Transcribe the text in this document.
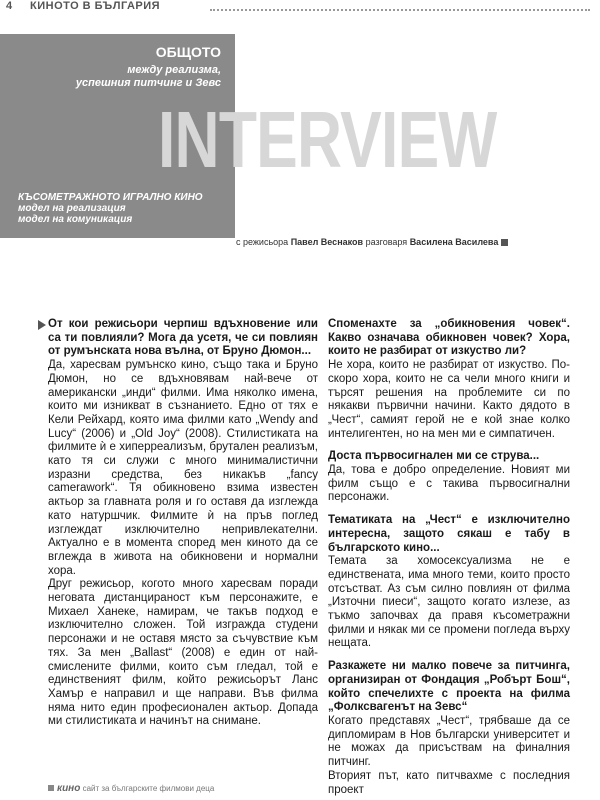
4 КИНОТО В БЪЛГАРИЯ
ОБЩОТО
между реализма,
успешния питчинг и Зевс
INTERVIEW
КЪСОМЕТРАЖНОТО ИГРАЛНО КИНО
модел на реализация
модел на комуникация
с режисьора Павел Веснаков разговаря Василена Василева

От кои режисьори черпиш вдъхновение или са ти повлияли? Мога да усетя, че си повлиян от румънската нова вълна, от Бруно Дюмон...

Да, харесвам румънско кино, също така и Бруно Дюмон, но се вдъхновявам най-вече от американски „инди“ филми. Има няколко имена, които ми изникват в съзнанието. Едно от тях е Кели Рейхард, която има филми като „Wendy and Lucy“ (2006) и „Old Joy“ (2008). Стилистиката на филмите ѝ е хиперреализъм, брутален реализъм, като тя си служи с много минималистични изразни средства, без никакъв „fancy camerawork“. Тя обикновено взима известен актьор за главната роля и го оставя да изглежда като натуршчик. Филмите ѝ на пръв поглед изглеждат изключително непривлекателни. Актуално е в момента според мен киното да се вглежда в живота на обикновени и нормални хора.

Друг режисьор, когото много харесвам поради неговата дистанцираност към персонажите, е Михаел Ханеке, намирам, че такъв подход е изключително сложен. Той изгражда студени персонажи и не оставя място за съчувствие към тях. За мен „Ballast“ (2008) е един от най-смислените филми, които съм гледал, той е единственият филм, който режисьорът Ланс Хамър е направил и ще направи. Във филма няма нито един професионален актьор. Допада ми стилистиката и начинът на снимане.

Споменахте за „обикновения човек“. Какво означава обикновен човек? Хора, които не разбират от изкуство ли?

Не хора, които не разбират от изкуство. По-скоро хора, които не са чели много книги и търсят решения на проблемите си по някакви първични начини. Както дядото в „Чест“, самият герой не е кой знае колко интелигентен, но на мен ми е симпатичен.

Доста първосигнален ми се струва...

Да, това е добро определение. Новият ми филм също е с такива първосигнални персонажи.

Тематиката на „Чест“ е изключително интересна, защото сякаш е табу в българското кино...

Темата за хомосексуализма не е единствената, има много теми, които просто отсъстват. Аз съм силно повлиян от филма „Източни пиеси“, защото когато излезе, аз тъкмо започвах да правя късометражни филми и някак ми се промени погледа върху нещата.

Разкажете ни малко повече за питчинга, организиран от Фондация „Робърт Бош“, който спечелихте с проекта на филма „Фолксвагенът на Зевс“

Когато представях „Чест“, трябваше да се дипломирам в Нов български университет и не можах да присъствам на финалния питчинг.

Вторият път, като питчвахме с последния проект

кино сайт за българските филмови деца
